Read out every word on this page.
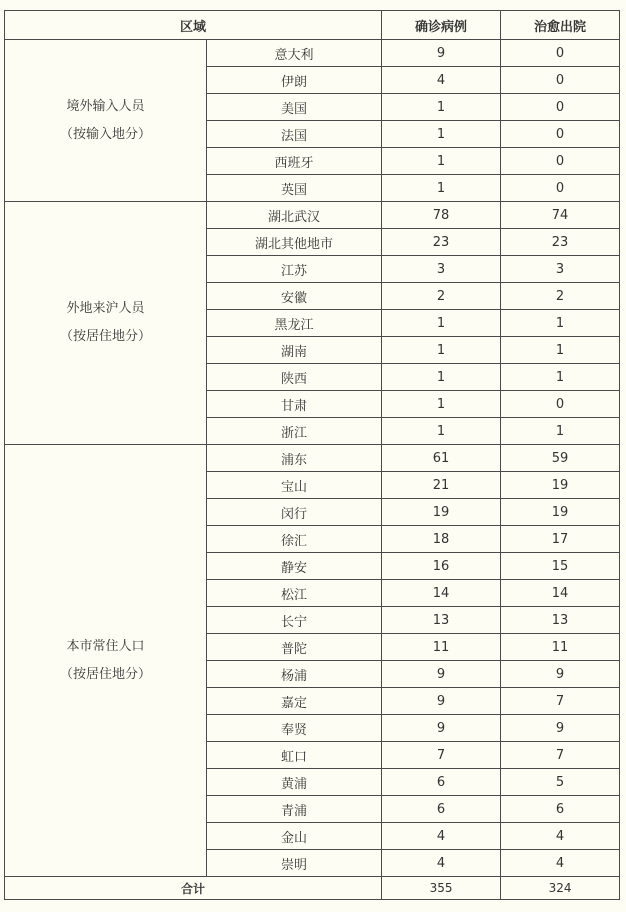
区域		确诊病例	治愈出院

境外输入人员
（按输入地分）	意大利	9	0
	伊朗	4	0
	美国	1	0
	法国	1	0
	西班牙	1	0
	英国	1	0

外地来沪人员
（按居住地分）	湖北武汉	78	74
	湖北其他地市	23	23
	江苏	3	3
	安徽	2	2
	黑龙江	1	1
	湖南	1	1
	陕西	1	1
	甘肃	1	0
	浙江	1	1

本市常住人口
（按居住地分）	浦东	61	59
	宝山	21	19
	闵行	19	19
	徐汇	18	17
	静安	16	15
	松江	14	14
	长宁	13	13
	普陀	11	11
	杨浦	9	9
	嘉定	9	7
	奉贤	9	9
	虹口	7	7
	黄浦	6	5
	青浦	6	6
	金山	4	4
	崇明	4	4
合计		355	324
